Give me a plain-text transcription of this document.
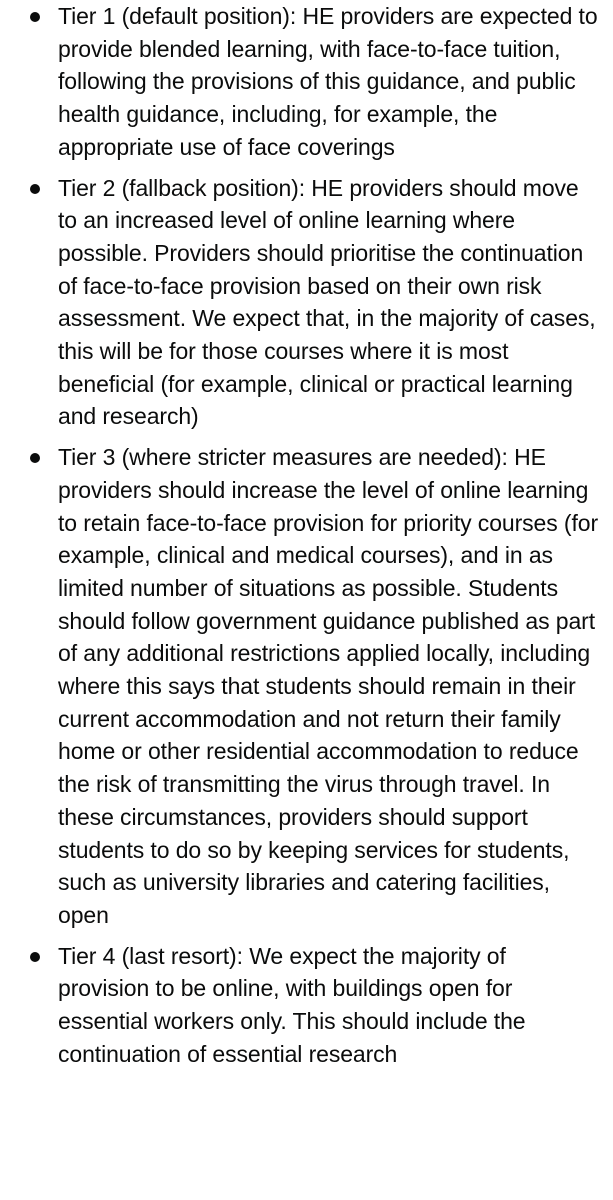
Tier 1 (default position): HE providers are expected to provide blended learning, with face-to-face tuition, following the provisions of this guidance, and public health guidance, including, for example, the appropriate use of face coverings
Tier 2 (fallback position): HE providers should move to an increased level of online learning where possible. Providers should prioritise the continuation of face-to-face provision based on their own risk assessment. We expect that, in the majority of cases, this will be for those courses where it is most beneficial (for example, clinical or practical learning and research)
Tier 3 (where stricter measures are needed): HE providers should increase the level of online learning to retain face-to-face provision for priority courses (for example, clinical and medical courses), and in as limited number of situations as possible. Students should follow government guidance published as part of any additional restrictions applied locally, including where this says that students should remain in their current accommodation and not return their family home or other residential accommodation to reduce the risk of transmitting the virus through travel. In these circumstances, providers should support students to do so by keeping services for students, such as university libraries and catering facilities, open
Tier 4 (last resort): We expect the majority of provision to be online, with buildings open for essential workers only. This should include the continuation of essential research
